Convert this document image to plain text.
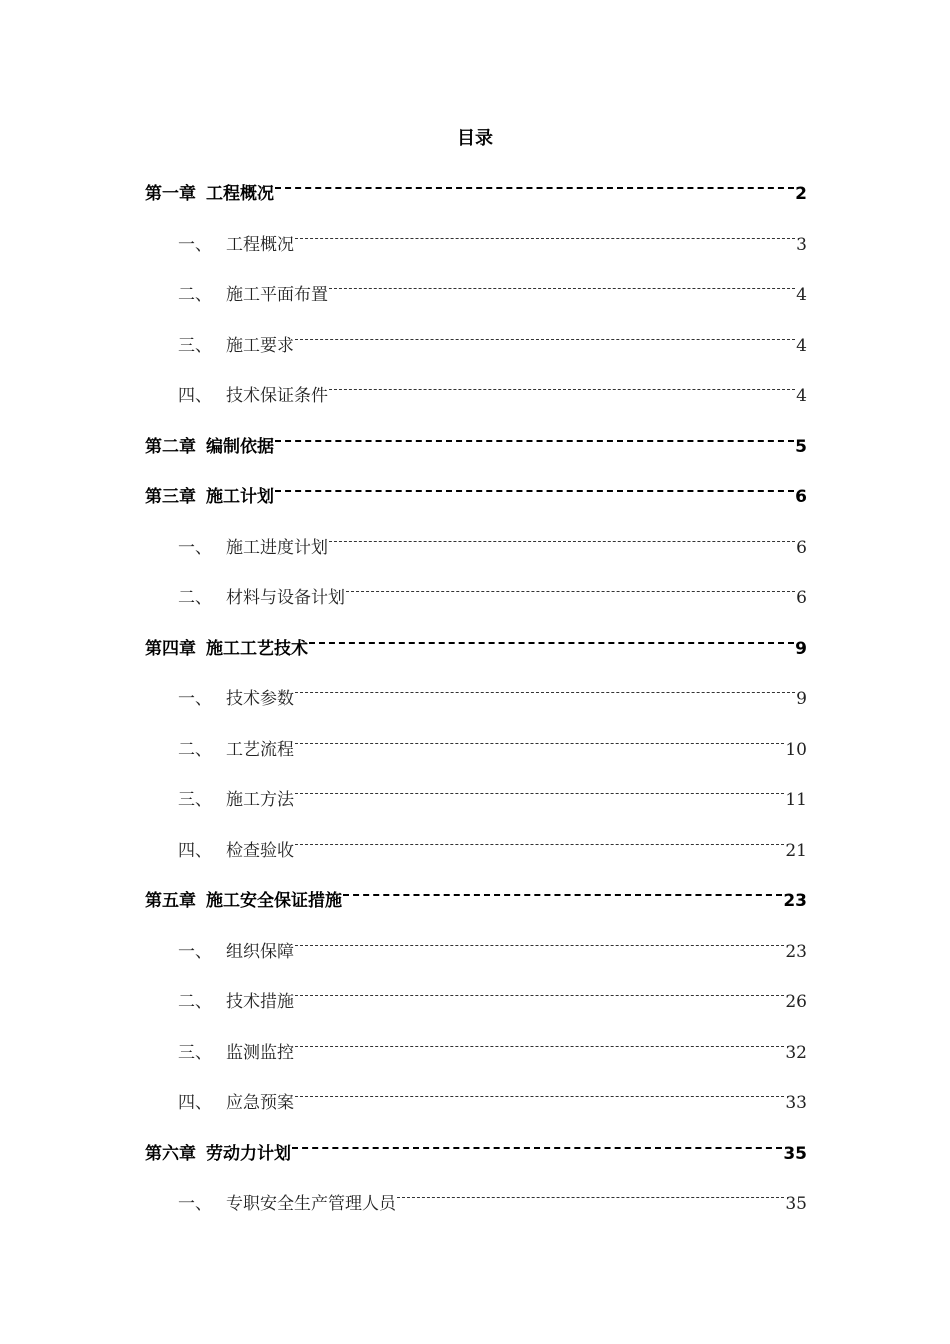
目录
第一章 工程概况	2
一、 工程概况	3
二、 施工平面布置	4
三、 施工要求	4
四、 技术保证条件	4
第二章 编制依据	5
第三章 施工计划	6
一、 施工进度计划	6
二、 材料与设备计划	6
第四章 施工工艺技术	9
一、 技术参数	9
二、 工艺流程	10
三、 施工方法	11
四、 检查验收	21
第五章 施工安全保证措施	23
一、 组织保障	23
二、 技术措施	26
三、 监测监控	32
四、 应急预案	33
第六章 劳动力计划	35
一、 专职安全生产管理人员	35
